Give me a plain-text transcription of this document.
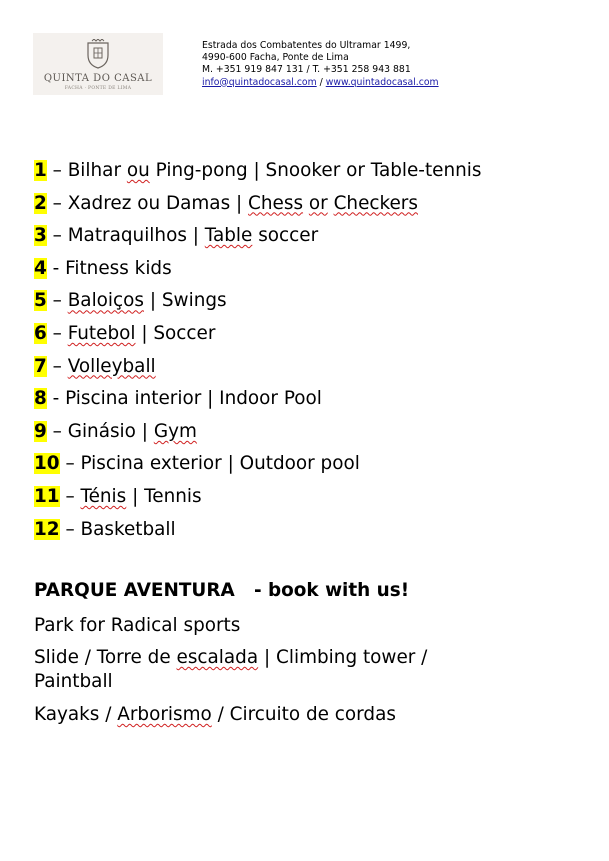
QUINTA DO CASAL
FACHA · PONTE DE LIMA
Estrada dos Combatentes do Ultramar 1499,
4990-600 Facha, Ponte de Lima
M. +351 919 847 131 / T. +351 258 943 881
info@quintadocasal.com / www.quintadocasal.com
1 – Bilhar ou Ping-pong | Snooker or Table-tennis
2 – Xadrez ou Damas | Chess or Checkers
3 – Matraquilhos | Table soccer
4 - Fitness kids
5 – Baloiços | Swings
6 – Futebol | Soccer
7 – Volleyball
8 - Piscina interior | Indoor Pool
9 – Ginásio | Gym
10 – Piscina exterior | Outdoor pool
11 – Ténis | Tennis
12 – Basketball
PARQUE AVENTURA   - book with us!
Park for Radical sports
Slide / Torre de escalada | Climbing tower /
Paintball
Kayaks / Arborismo / Circuito de cordas
